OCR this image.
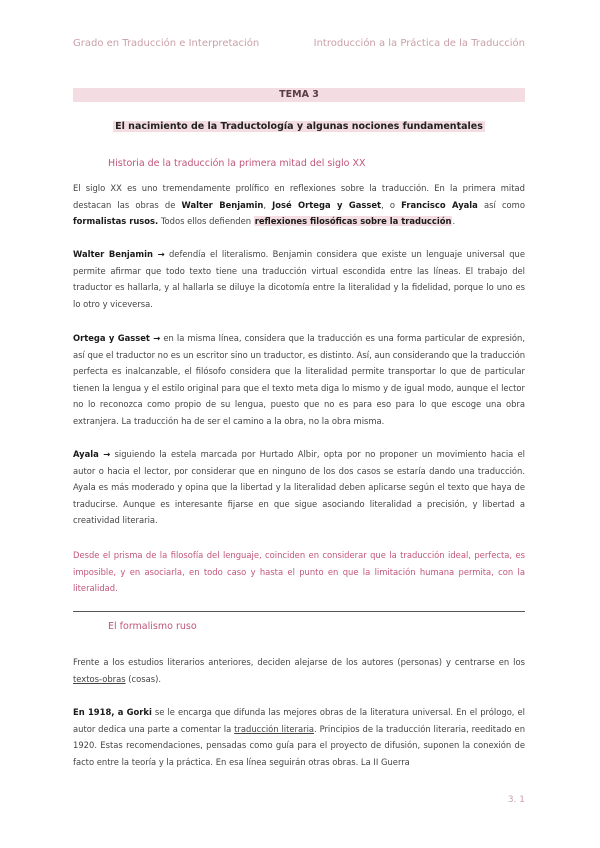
Grado en Traducción e Interpretación	Introducción a la Práctica de la Traducción
TEMA 3
El nacimiento de la Traductología y algunas nociones fundamentales
Historia de la traducción la primera mitad del siglo XX
El siglo XX es uno tremendamente prolífico en reflexiones sobre la traducción. En la primera mitad destacan las obras de Walter Benjamin, José Ortega y Gasset, o Francisco Ayala así como formalistas rusos. Todos ellos defienden reflexiones filosóficas sobre la traducción.
Walter Benjamin → defendía el literalismo. Benjamin considera que existe un lenguaje universal que permite afirmar que todo texto tiene una traducción virtual escondida entre las líneas. El trabajo del traductor es hallarla, y al hallarla se diluye la dicotomía entre la literalidad y la fidelidad, porque lo uno es lo otro y viceversa.
Ortega y Gasset → en la misma línea, considera que la traducción es una forma particular de expresión, así que el traductor no es un escritor sino un traductor, es distinto. Así, aun considerando que la traducción perfecta es inalcanzable, el filósofo considera que la literalidad permite transportar lo que de particular tienen la lengua y el estilo original para que el texto meta diga lo mismo y de igual modo, aunque el lector no lo reconozca como propio de su lengua, puesto que no es para eso para lo que escoge una obra extranjera. La traducción ha de ser el camino a la obra, no la obra misma.
Ayala → siguiendo la estela marcada por Hurtado Albir, opta por no proponer un movimiento hacia el autor o hacia el lector, por considerar que en ninguno de los dos casos se estaría dando una traducción. Ayala es más moderado y opina que la libertad y la literalidad deben aplicarse según el texto que haya de traducirse. Aunque es interesante fijarse en que sigue asociando literalidad a precisión, y libertad a creatividad literaria.
Desde el prisma de la filosofía del lenguaje, coinciden en considerar que la traducción ideal, perfecta, es imposible, y en asociarla, en todo caso y hasta el punto en que la limitación humana permita, con la literalidad.
El formalismo ruso
Frente a los estudios literarios anteriores, deciden alejarse de los autores (personas) y centrarse en los textos-obras (cosas).
En 1918, a Gorki se le encarga que difunda las mejores obras de la literatura universal. En el prólogo, el autor dedica una parte a comentar la traducción literaria. Principios de la traducción literaria, reeditado en 1920. Estas recomendaciones, pensadas como guía para el proyecto de difusión, suponen la conexión de facto entre la teoría y la práctica. En esa línea seguirán otras obras. La II Guerra
3. 1
